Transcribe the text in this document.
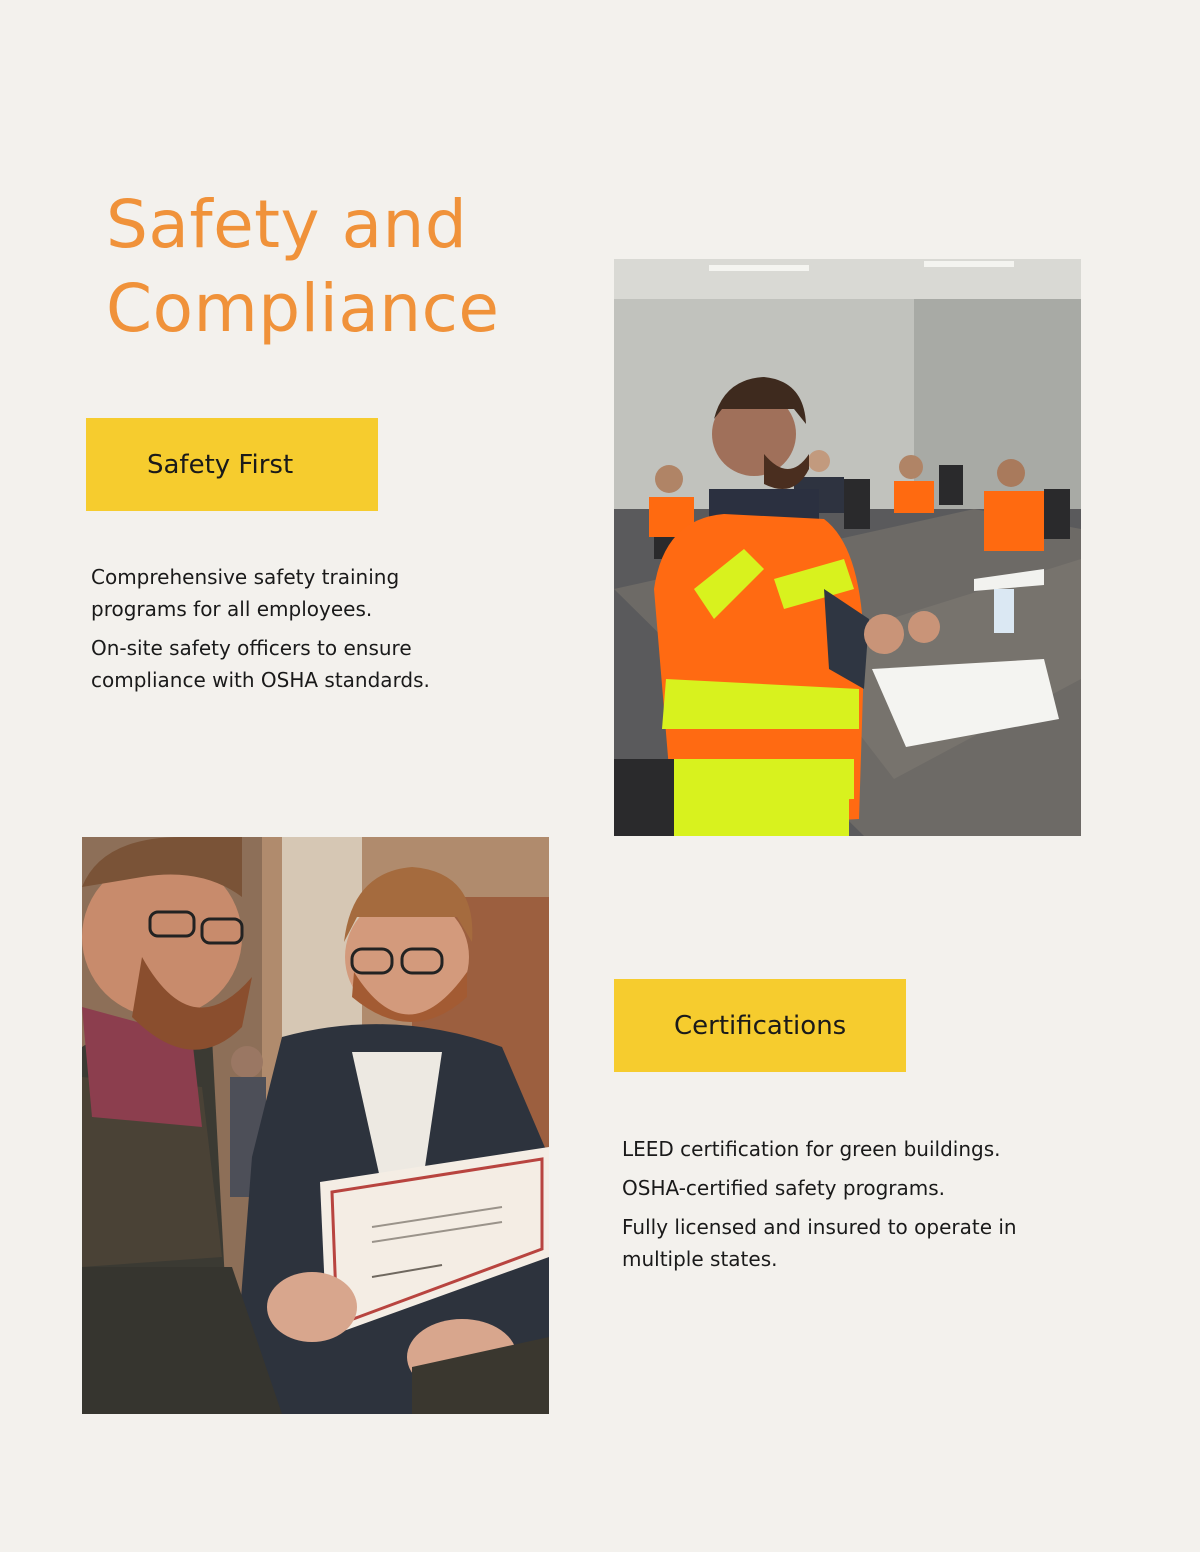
Safety and Compliance
Safety First

Comprehensive safety training programs for all employees.

On-site safety officers to ensure compliance with OSHA standards.

Certifications

LEED certification for green buildings.

OSHA-certified safety programs.

Fully licensed and insured to operate in multiple states.
